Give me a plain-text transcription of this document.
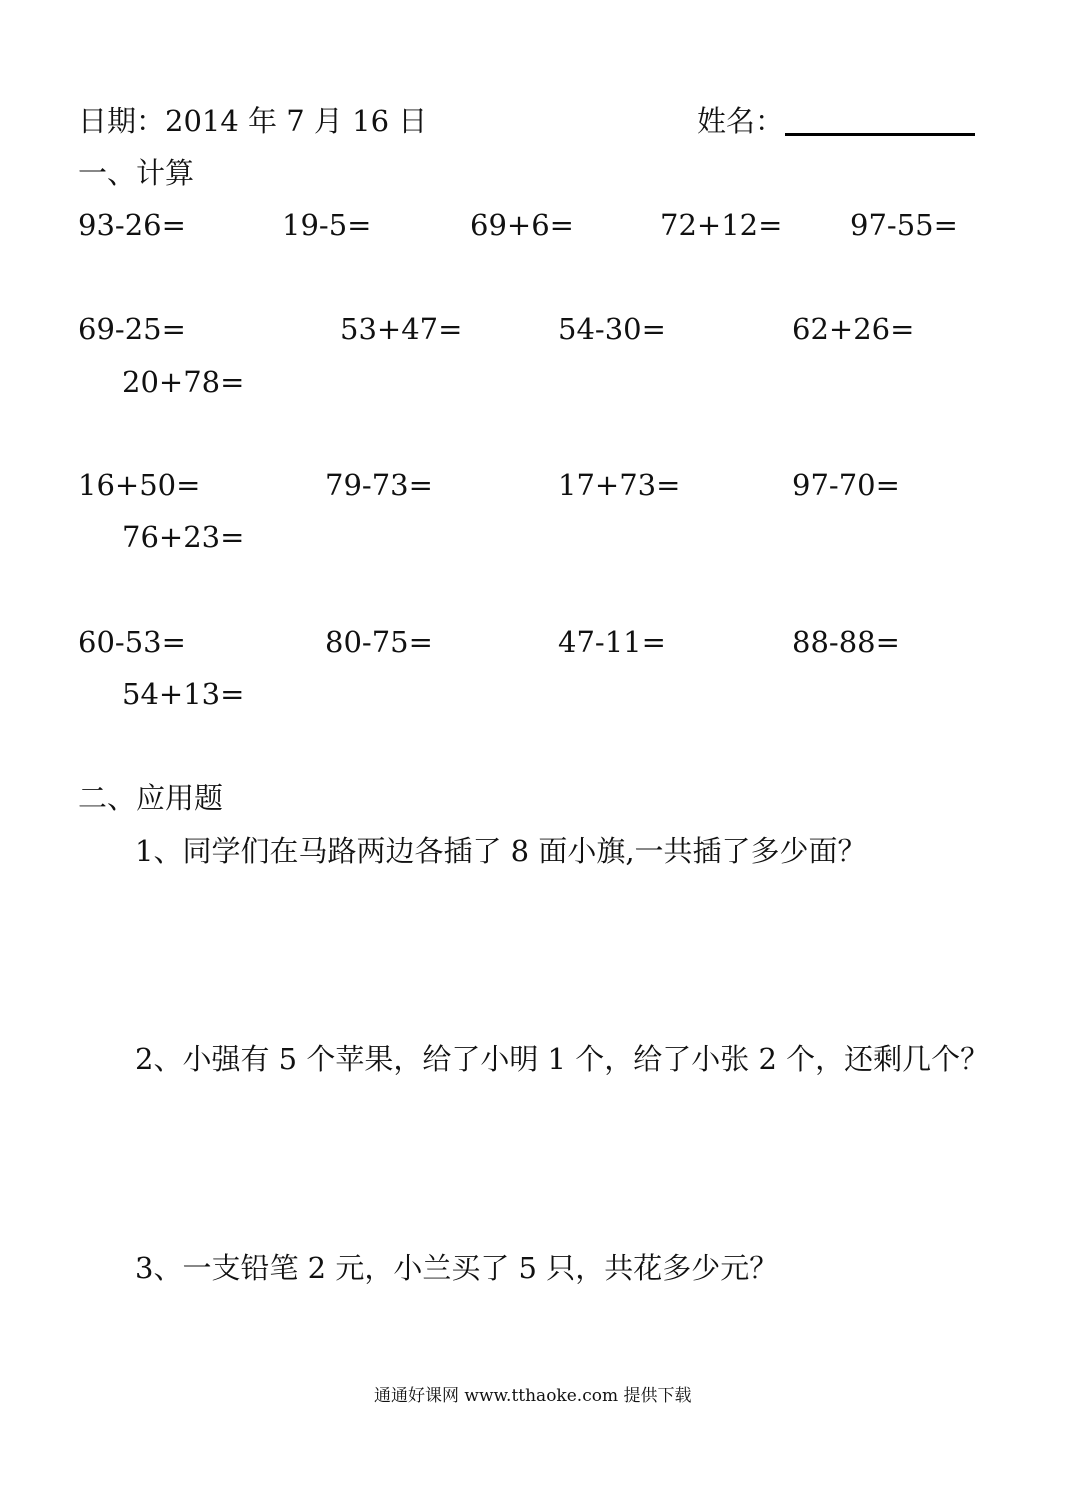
日期：2014 年 7 月 16 日	姓名：
一、计算
93-26=	19-5=	69+6=	72+12= 97-55=
69-25=	53+47=	54-30=	62+26=
20+78=
16+50=	79-73=	17+73=	97-70=
76+23=
60-53=	80-75=	47-11=	88-88=
54+13=
二、应用题
1、同学们在马路两边各插了 8 面小旗,一共插了多少面？
2、小强有 5 个苹果，给了小明 1 个，给了小张 2 个，还剩几个？
3、一支铅笔 2 元，小兰买了 5 只，共花多少元？
通通好课网 www.tthaoke.com 提供下载
